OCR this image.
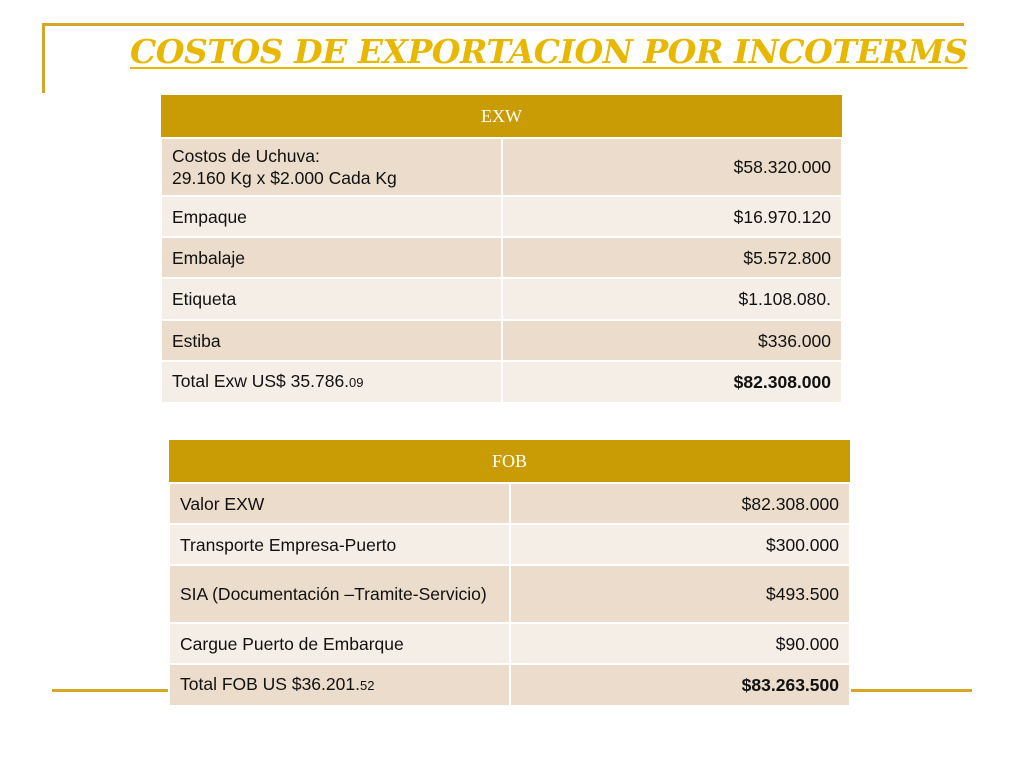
COSTOS DE EXPORTACION POR INCOTERMS
EXW	
Costos de Uchuva:
29.160 Kg x $2.000 Cada Kg	$58.320.000
Empaque	$16.970.120
Embalaje	$5.572.800
Etiqueta	$1.108.080.
Estiba	$336.000
Total Exw US$ 35.786.09	$82.308.000
FOB	
Valor EXW	$82.308.000
Transporte Empresa-Puerto	$300.000
SIA (Documentación –Tramite-Servicio)	$493.500
Cargue Puerto de Embarque	$90.000
Total FOB US $36.201.52	$83.263.500
